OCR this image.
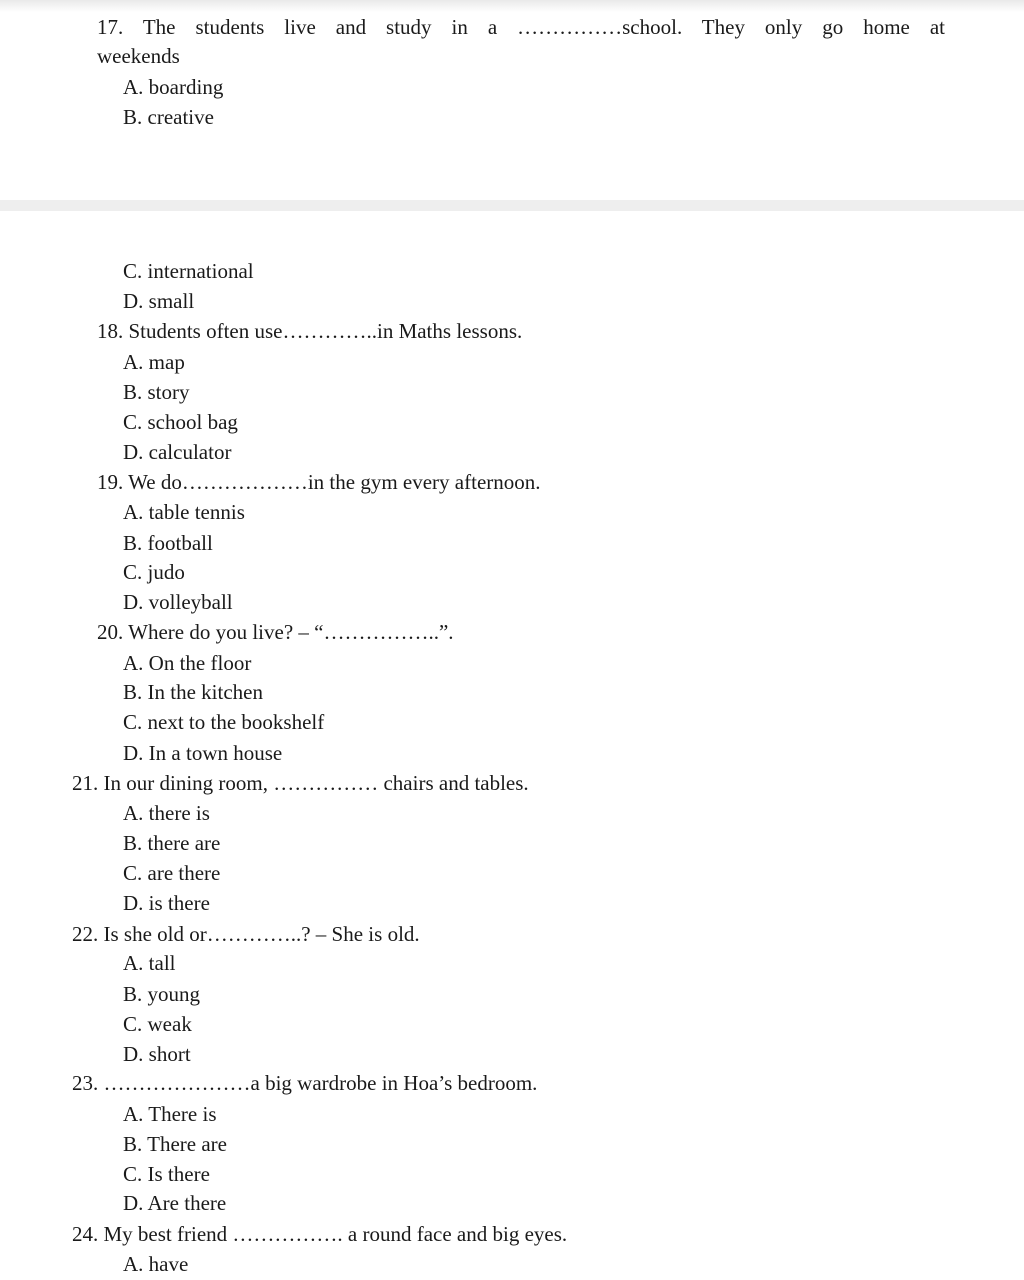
17. The students live and study in a ……………school. They only go home at
weekends
A. boarding
B. creative
C. international
D. small
18. Students often use…………..in Maths lessons.
A. map
B. story
C. school bag
D. calculator
19. We do………………in the gym every afternoon.
A. table tennis
B. football
C. judo
D. volleyball
20. Where do you live? – “……………..”.
A. On the floor
B. In the kitchen
C. next to the bookshelf
D. In a town house
21. In our dining room, …………… chairs and tables.
A. there is
B. there are
C. are there
D. is there
22. Is she old or…………..? – She is old.
A. tall
B. young
C. weak
D. short
23. …………………a big wardrobe in Hoa’s bedroom.
A. There is
B. There are
C. Is there
D. Are there
24. My best friend ……………. a round face and big eyes.
A. have
